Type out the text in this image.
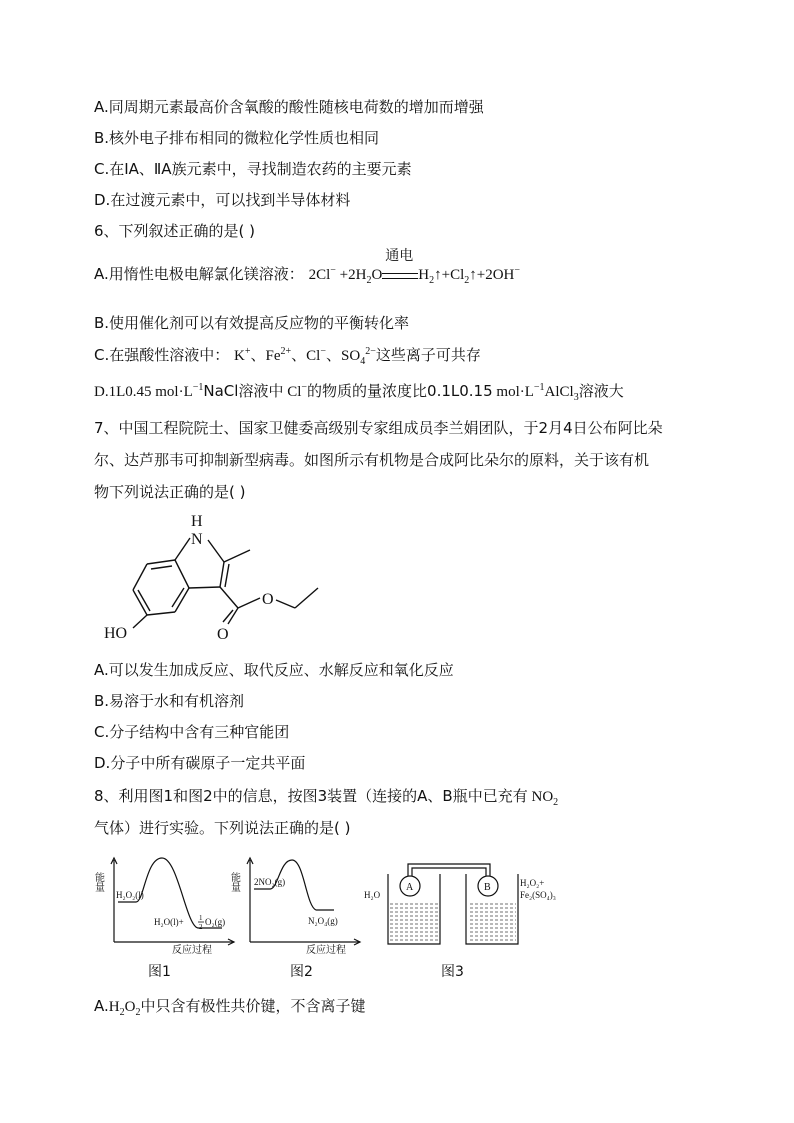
A.同周期元素最高价含氧酸的酸性随核电荷数的增加而增强
B.核外电子排布相同的微粒化学性质也相同
C.在ⅠA、ⅡA族元素中，寻找制造农药的主要元素
D.在过渡元素中，可以找到半导体材料
6、下列叙述正确的是( )
A.用惰性电极电解氯化镁溶液： $2Cl^- +2H_2O$
通电
$H_2↑+Cl_2↑+2OH^-$
B.使用催化剂可以有效提高反应物的平衡转化率
C.在强酸性溶液中： K+、$Fe^{2+}$、Cl−、$SO_4^{2-}$这些离子可共存
D.1L0.45 $mol\cdot L^{-1}NaCl$溶液中 Cl−的物质的量浓度比0.1L0.15 $mol\cdot L^{-1}AlCl_3$溶液大
7、中国工程院院士、国家卫健委高级别专家组成员李兰娟团队，于2月4日公布阿比朵
尔、达芦那韦可抑制新型病毒。如图所示有机物是合成阿比朵尔的原料，关于该有机
物下列说法正确的是( )
N
H
HO
O
O
A.可以发生加成反应、取代反应、水解反应和氧化反应
B.易溶于水和有机溶剂
C.分子结构中含有三种官能团
D.分子中所有碳原子一定共平面
8、利用图1和图2中的信息，按图3装置（连接的A、B瓶中已充有 $NO_2$
气体）进行实验。下列说法正确的是( )
能量
H₂O₂(l)
H₂O(l)+ 1
2 O₂(g)
反应过程
图1
能量 2NO₂(g)
N₂O₄(g)
反应过程
图2
A	B
H₂O
H₂O₂+
Fe₂(SO₄)₃
图3
$A.H_2O_2$中只含有极性共价键，不含离子键
